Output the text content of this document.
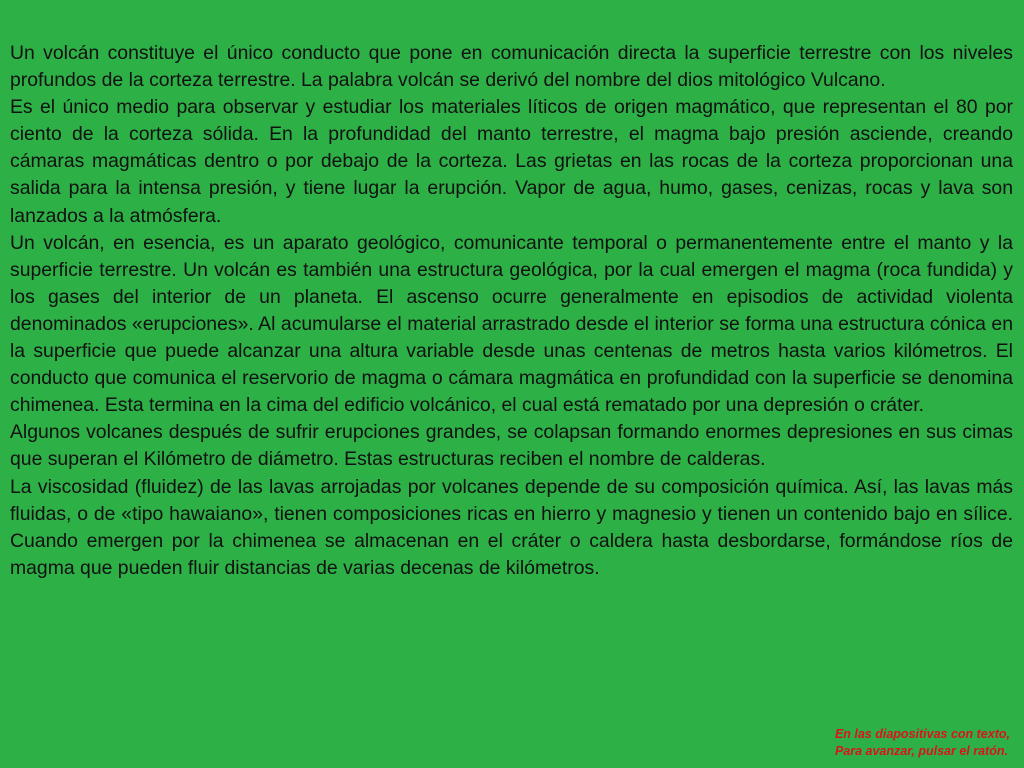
Un volcán constituye el único conducto que pone en comunicación directa la superficie terrestre con los niveles profundos de la corteza terrestre. La palabra volcán se derivó del nombre del dios mitológico Vulcano.

Es el único medio para observar y estudiar los materiales líticos de origen magmático, que representan el 80 por ciento de la corteza sólida. En la profundidad del manto terrestre, el magma bajo presión asciende, creando cámaras magmáticas dentro o por debajo de la corteza. Las grietas en las rocas de la corteza proporcionan una salida para la intensa presión, y tiene lugar la erupción. Vapor de agua, humo, gases, cenizas, rocas y lava son lanzados a la atmósfera.

Un volcán, en esencia, es un aparato geológico, comunicante temporal o permanentemente entre el manto y la superficie terrestre. Un volcán es también una estructura geológica, por la cual emergen el magma (roca fundida) y los gases del interior de un planeta. El ascenso ocurre generalmente en episodios de actividad violenta denominados «erupciones». Al acumularse el material arrastrado desde el interior se forma una estructura cónica en la superficie que puede alcanzar una altura variable desde unas centenas de metros hasta varios kilómetros. El conducto que comunica el reservorio de magma o cámara magmática en profundidad con la superficie se denomina chimenea. Esta termina en la cima del edificio volcánico, el cual está rematado por una depresión o cráter.

Algunos volcanes después de sufrir erupciones grandes, se colapsan formando enormes depresiones en sus cimas que superan el Kilómetro de diámetro. Estas estructuras reciben el nombre de calderas.

La viscosidad (fluidez) de las lavas arrojadas por volcanes depende de su composición química. Así, las lavas más fluidas, o de «tipo hawaiano», tienen composiciones ricas en hierro y magnesio y tienen un contenido bajo en sílice. Cuando emergen por la chimenea se almacenan en el cráter o caldera hasta desbordarse, formándose ríos de magma que pueden fluir distancias de varias decenas de kilómetros.

En las diapositivas con texto,
Para avanzar, pulsar el ratón.
